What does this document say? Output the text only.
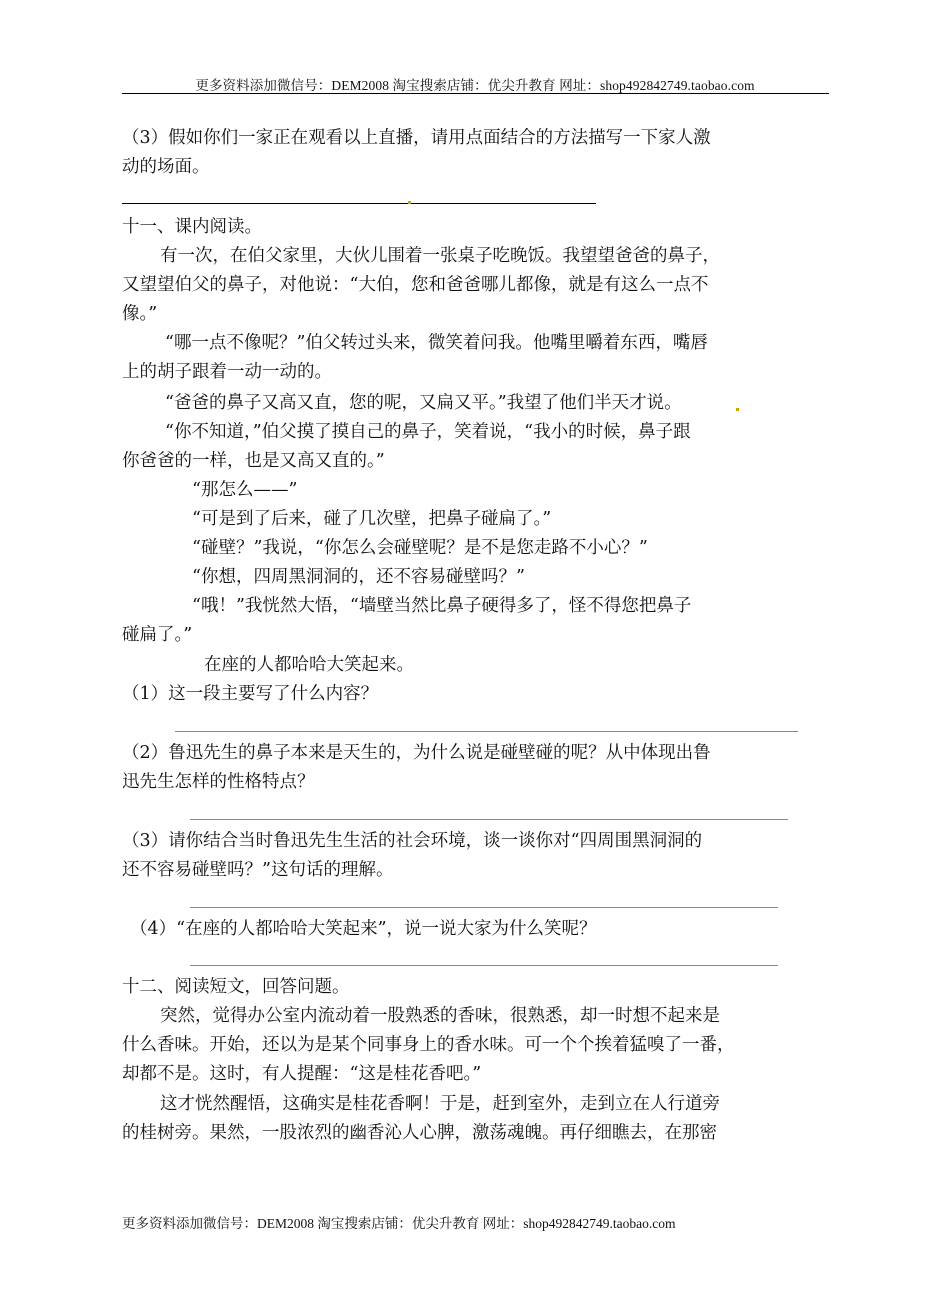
更多资料添加微信号：DEM2008 淘宝搜索店铺：优尖升教育 网址：shop492842749.taobao.com
（3）假如你们一家正在观看以上直播，请用点面结合的方法描写一下家人激
动的场面。
十一、课内阅读。
有一次，在伯父家里，大伙儿围着一张桌子吃晚饭。我望望爸爸的鼻子，
又望望伯父的鼻子，对他说：“大伯，您和爸爸哪儿都像，就是有这么一点不
像。”
“哪一点不像呢？”伯父转过头来，微笑着问我。他嘴里嚼着东西，嘴唇
上的胡子跟着一动一动的。
“爸爸的鼻子又高又直，您的呢，又扁又平。”我望了他们半天才说。
“你不知道，”伯父摸了摸自己的鼻子，笑着说，“我小的时候，鼻子跟
你爸爸的一样，也是又高又直的。”
“那怎么——”
“可是到了后来，碰了几次壁，把鼻子碰扁了。”
“碰壁？”我说，“你怎么会碰壁呢？是不是您走路不小心？”
“你想，四周黑洞洞的，还不容易碰壁吗？”
“哦！”我恍然大悟，“墙壁当然比鼻子硬得多了，怪不得您把鼻子
碰扁了。”
在座的人都哈哈大笑起来。
（1）这一段主要写了什么内容？
（2）鲁迅先生的鼻子本来是天生的，为什么说是碰壁碰的呢？从中体现出鲁
迅先生怎样的性格特点？
（3）请你结合当时鲁迅先生生活的社会环境，谈一谈你对“四周围黑洞洞的
还不容易碰壁吗？”这句话的理解。
（4）“在座的人都哈哈大笑起来”，说一说大家为什么笑呢？
十二、阅读短文，回答问题。
突然，觉得办公室内流动着一股熟悉的香味，很熟悉，却一时想不起来是
什么香味。开始，还以为是某个同事身上的香水味。可一个个挨着猛嗅了一番，
却都不是。这时，有人提醒：“这是桂花香吧。”
这才恍然醒悟，这确实是桂花香啊！于是，赶到室外，走到立在人行道旁
的桂树旁。果然，一股浓烈的幽香沁人心脾，激荡魂魄。再仔细瞧去，在那密
更多资料添加微信号：DEM2008 淘宝搜索店铺：优尖升教育 网址：shop492842749.taobao.com
